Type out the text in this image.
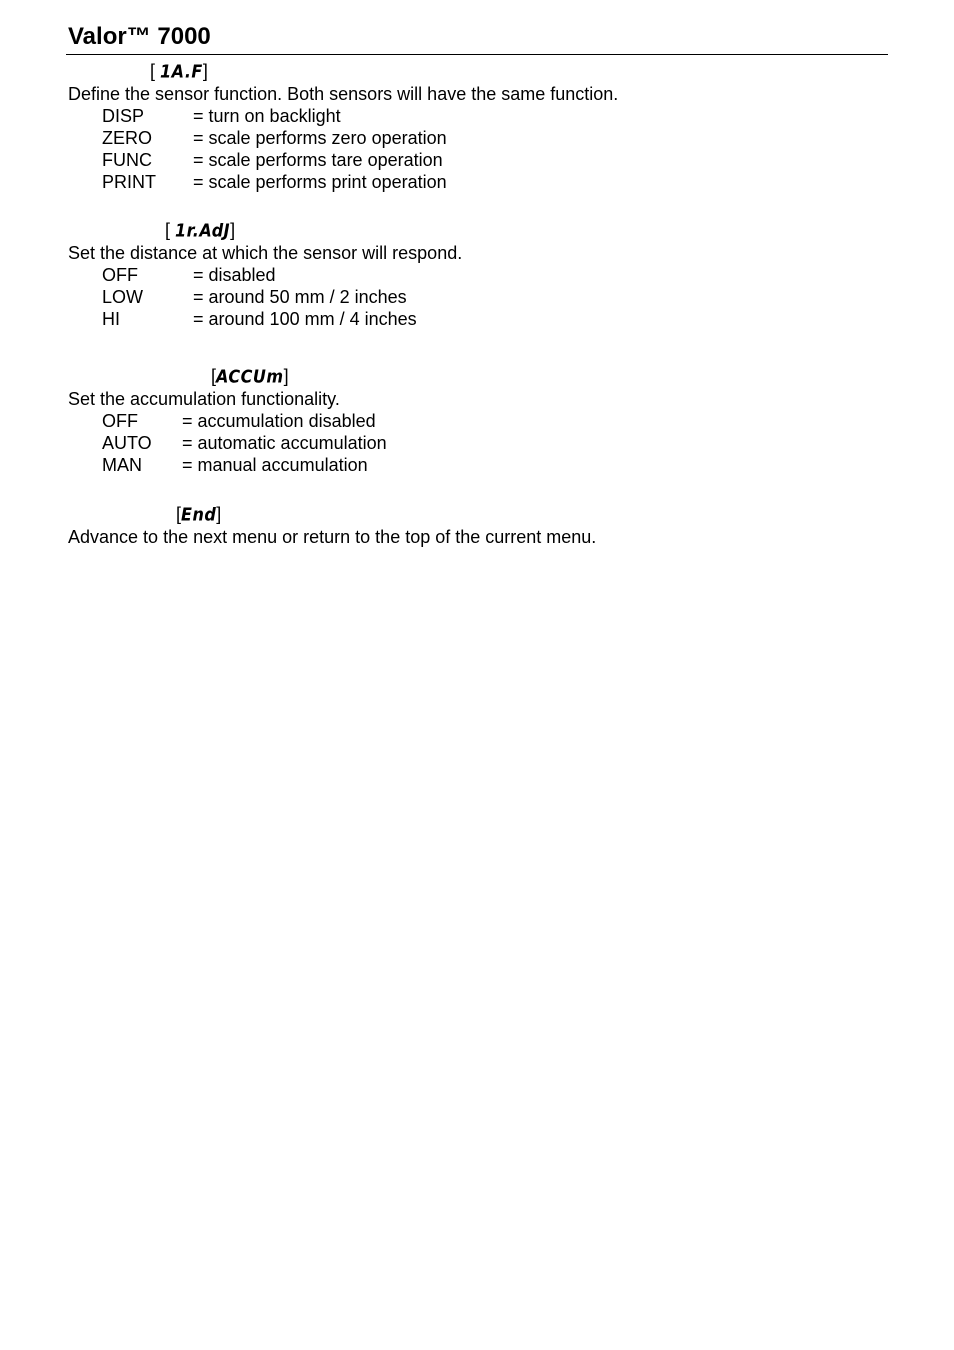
Valor™ 7000
[ 1A.F]
Define the sensor function. Both sensors will have the same function.
DISP	= turn on backlight
ZERO = scale performs zero operation
FUNC = scale performs tare operation
PRINT = scale performs print operation
[ 1r.AdJ]
Set the distance at which the sensor will respond.
OFF	= disabled
LOW	= around 50 mm / 2 inches
HI	= around 100 mm / 4 inches
[ACCUm]
Set the accumulation functionality.
OFF = accumulation disabled
AUTO = automatic accumulation
MAN = manual accumulation
[End]
Advance to the next menu or return to the top of the current menu.
